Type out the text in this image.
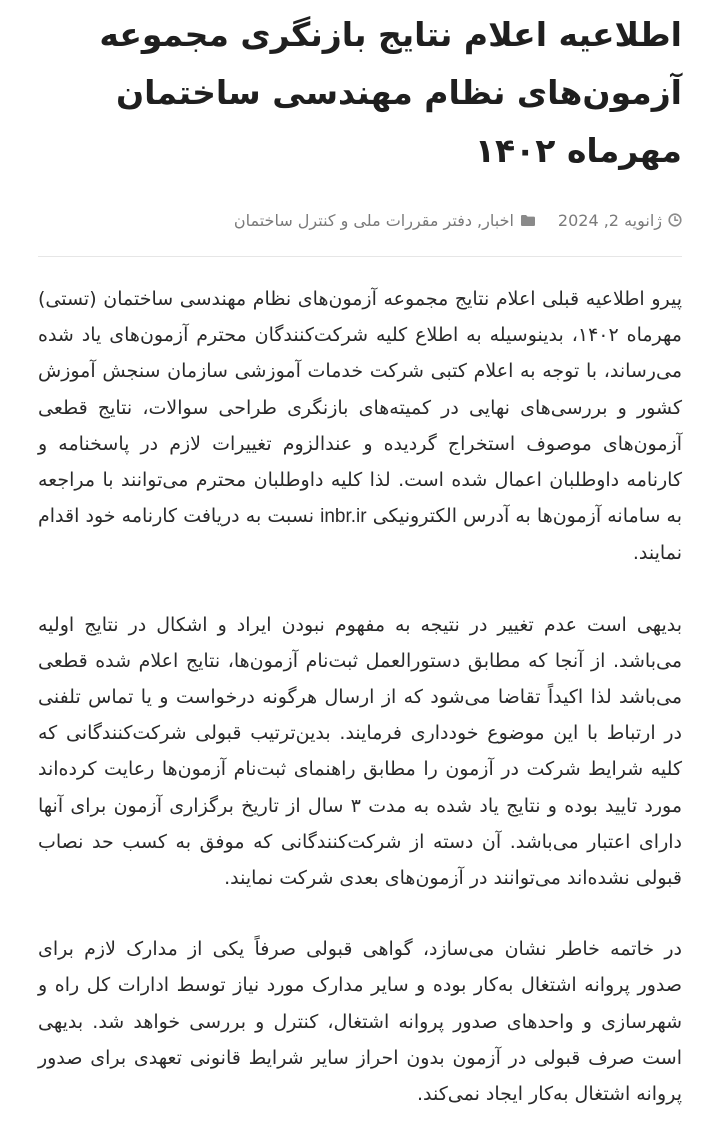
اطلاعیه اعلام نتایج بازنگری مجموعه آزمون‌های نظام مهندسی ساختمان مهرماه ۱۴۰۲
ژانویه 2, 2024
اخبار, دفتر مقررات ملی و کنترل ساختمان

پیرو اطلاعیه قبلی اعلام نتایج مجموعه آزمون‌های نظام مهندسی ساختمان (تستی) مهرماه ۱۴۰۲، بدینوسیله به اطلاع کلیه شرکت‌کنندگان محترم آزمون‌های یاد شده می‌رساند، با توجه به اعلام کتبی شرکت خدمات آموزشی سازمان سنجش آموزش کشور و بررسی‌های نهایی در کمیته‌های بازنگری طراحی سوالات، نتایج قطعی آزمون‌های موصوف استخراج گردیده و عندالزوم تغییرات لازم در پاسخنامه و کارنامه داوطلبان اعمال شده است. لذا کلیه داوطلبان محترم می‌توانند با مراجعه به سامانه آزمون‌ها به آدرس الکترونیکی inbr.ir نسبت به دریافت کارنامه خود اقدام نمایند.

بدیهی است عدم تغییر در نتیجه به مفهوم نبودن ایراد و اشکال در نتایج اولیه می‌باشد. از آنجا که مطابق دستورالعمل ثبت‌نام آزمون‌ها، نتایج اعلام شده قطعی می‌باشد لذا اکیداً تقاضا می‌شود که از ارسال هرگونه درخواست و یا تماس تلفنی در ارتباط با این موضوع خودداری فرمایند. بدین‌ترتیب قبولی شرکت‌کنندگانی که کلیه شرایط شرکت در آزمون را مطابق راهنمای ثبت‌نام آزمون‌ها رعایت کرده‌اند مورد تایید بوده و نتایج یاد شده به مدت ۳ سال از تاریخ برگزاری آزمون برای آنها دارای اعتبار می‌باشد. آن دسته از شرکت‌کنندگانی که موفق به کسب حد نصاب قبولی نشده‌اند می‌توانند در آزمون‌های بعدی شرکت نمایند.

در خاتمه خاطر نشان می‌سازد، گواهی قبولی صرفاً یکی از مدارک لازم برای صدور پروانه اشتغال به‌کار بوده و سایر مدارک مورد نیاز توسط ادارات کل راه و شهرسازی و واحدهای صدور پروانه اشتغال، کنترل و بررسی خواهد شد. بدیهی است صرف قبولی در آزمون بدون احراز سایر شرایط قانونی تعهدی برای صدور پروانه اشتغال به‌کار ایجاد نمی‌کند.
